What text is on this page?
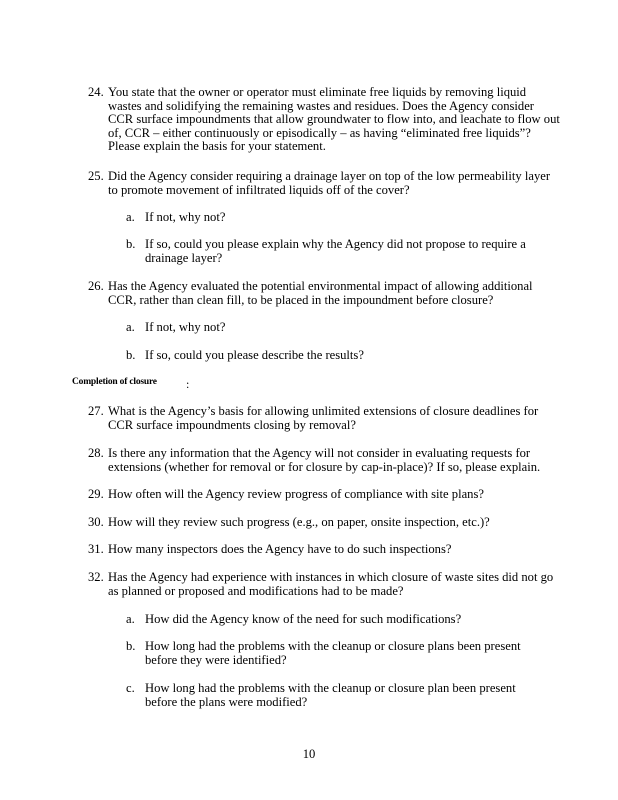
24. You state that the owner or operator must eliminate free liquids by removing liquid wastes and solidifying the remaining wastes and residues. Does the Agency consider CCR surface impoundments that allow groundwater to flow into, and leachate to flow out of, CCR – either continuously or episodically – as having “eliminated free liquids”? Please explain the basis for your statement.
25. Did the Agency consider requiring a drainage layer on top of the low permeability layer to promote movement of infiltrated liquids off of the cover?
a. If not, why not?
b. If so, could you please explain why the Agency did not propose to require a drainage layer?
26. Has the Agency evaluated the potential environmental impact of allowing additional CCR, rather than clean fill, to be placed in the impoundment before closure?
a. If not, why not?
b. If so, could you please describe the results?
Completion of closure :
27. What is the Agency’s basis for allowing unlimited extensions of closure deadlines for CCR surface impoundments closing by removal?
28. Is there any information that the Agency will not consider in evaluating requests for extensions (whether for removal or for closure by cap-in-place)? If so, please explain.
29. How often will the Agency review progress of compliance with site plans?
30. How will they review such progress (e.g., on paper, onsite inspection, etc.)?
31. How many inspectors does the Agency have to do such inspections?
32. Has the Agency had experience with instances in which closure of waste sites did not go as planned or proposed and modifications had to be made?
a. How did the Agency know of the need for such modifications?
b. How long had the problems with the cleanup or closure plans been present before they were identified?
c. How long had the problems with the cleanup or closure plan been present before the plans were modified?
10
